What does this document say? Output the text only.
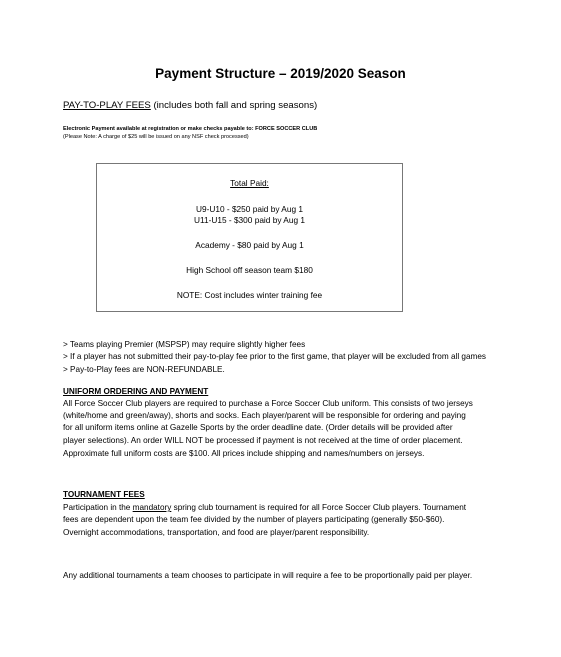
Payment Structure – 2019/2020 Season
PAY-TO-PLAY FEES (includes both fall and spring seasons)
Electronic Payment available at registration or make checks payable to: FORCE SOCCER CLUB
(Please Note: A charge of $25 will be issued on any NSF check processed)
Total Paid:
U9-U10 - $250 paid by Aug 1
U11-U15 - $300 paid by Aug 1
Academy - $80 paid by Aug 1
High School off season team $180
NOTE: Cost includes winter training fee
> Teams playing Premier (MSPSP) may require slightly higher fees
> If a player has not submitted their pay-to-play fee prior to the first game, that player will be excluded from all games
> Pay-to-Play fees are NON-REFUNDABLE.
UNIFORM ORDERING AND PAYMENT
All Force Soccer Club players are required to purchase a Force Soccer Club uniform. This consists of two jerseys
(white/home and green/away), shorts and socks. Each player/parent will be responsible for ordering and paying
for all uniform items online at Gazelle Sports by the order deadline date. (Order details will be provided after
player selections). An order WILL NOT be processed if payment is not received at the time of order placement.
Approximate full uniform costs are $100. All prices include shipping and names/numbers on jerseys.
TOURNAMENT FEES
Participation in the mandatory spring club tournament is required for all Force Soccer Club players. Tournament
fees are dependent upon the team fee divided by the number of players participating (generally $50-$60).
Overnight accommodations, transportation, and food are player/parent responsibility.
Any additional tournaments a team chooses to participate in will require a fee to be proportionally paid per player.
